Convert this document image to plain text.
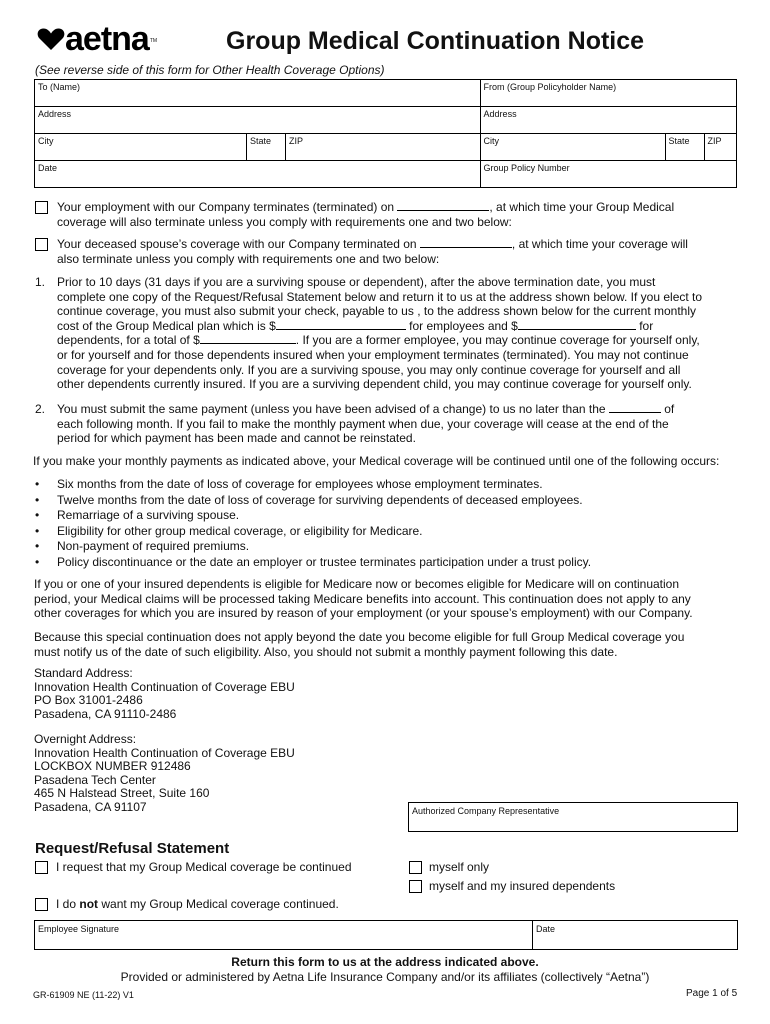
aetna TM	Group Medical Continuation Notice
(See reverse side of this form for Other Health Coverage Options)
To (Name)			From (Group Policyholder Name)		
Address			Address		
City	State	ZIP	City	State	ZIP
Date			Group Policy Number		
Your employment with our Company terminates (terminated) on	, at which time your Group Medical
coverage will also terminate unless you comply with requirements one and two below:
Your deceased spouse’s coverage with our Company terminated on	, at which time your coverage will
also terminate unless you comply with requirements one and two below:
1. Prior to 10 days (31 days if you are a surviving spouse or dependent), after the above termination date, you must
complete one copy of the Request/Refusal Statement below and return it to us at the address shown below. If you elect to
continue coverage, you must also submit your check, payable to us , to the address shown below for the current monthly
cost of the Group Medical plan which is $	for employees and $	for
dependents, for a total of $	. If you are a former employee, you may continue coverage for yourself only,
or for yourself and for those dependents insured when your employment terminates (terminated). You may not continue
coverage for your dependents only. If you are a surviving spouse, you may only continue coverage for yourself and all
other dependents currently insured. If you are a surviving dependent child, you may continue coverage for yourself only.
2. You must submit the same payment (unless you have been advised of a change) to us no later than the	of
each following month. If you fail to make the monthly payment when due, your coverage will cease at the end of the
period for which payment has been made and cannot be reinstated.
If you make your monthly payments as indicated above, your Medical coverage will be continued until one of the following occurs:
• Six months from the date of loss of coverage for employees whose employment terminates.
• Twelve months from the date of loss of coverage for surviving dependents of deceased employees.
• Remarriage of a surviving spouse.
• Eligibility for other group medical coverage, or eligibility for Medicare.
• Non-payment of required premiums.
• Policy discontinuance or the date an employer or trustee terminates participation under a trust policy.
If you or one of your insured dependents is eligible for Medicare now or becomes eligible for Medicare will on continuation
period, your Medical claims will be processed taking Medicare benefits into account. This continuation does not apply to any
other coverages for which you are insured by reason of your employment (or your spouse’s employment) with our Company.
Because this special continuation does not apply beyond the date you become eligible for full Group Medical coverage you
must notify us of the date of such eligibility. Also, you should not submit a monthly payment following this date.
Standard Address:
Innovation Health Continuation of Coverage EBU
PO Box 31001-2486
Pasadena, CA 91110-2486
Overnight Address:
Innovation Health Continuation of Coverage EBU
LOCKBOX NUMBER 912486
Pasadena Tech Center
465 N Halstead Street, Suite 160
Pasadena, CA 91107	Authorized Company Representative
Request/Refusal Statement
I request that my Group Medical coverage be continued	myself only
myself and my insured dependents
I do not want my Group Medical coverage continued.
Employee Signature	Date
Return this form to us at the address indicated above.
Provided or administered by Aetna Life Insurance Company and/or its affiliates (collectively “Aetna”)
GR-61909 NE (11-22) V1	Page 1 of 5
